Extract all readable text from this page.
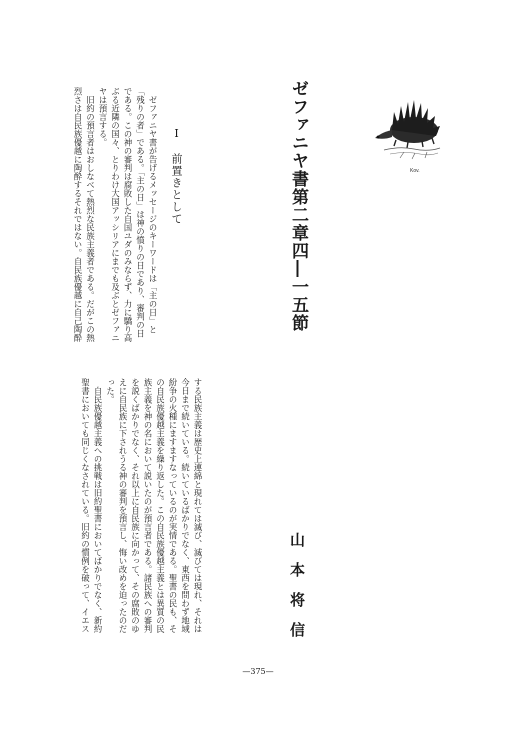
Kov.
ゼファニヤ書第二章四―一五節
山本将信
Ⅰ　前置きとして
　ゼファニヤ書が告げるメッセージのキーワードは「主の日」と
「残りの者」である。「主の日」は神の憤りの日であり、審判の日
である。この神の審判は腐敗した自国ユダのみならず、力に驕り高
ぶる近隣の国々、とりわけ大国アッシリアにまでも及ぶとゼファニ
ヤは預言する。
　旧約の預言者はおしなべて熱烈な民族主義者である。だがこの熱
烈さは自民族優越に陶酔するそれではない。自民族優越に自己陶酔
する民族主義は歴史上連綿と現れては滅び、滅びては現れ、それは
今日まで続いている。続いているばかりでなく、東西を問わず地域
紛争の火種にますますなっているのが実情である。聖書の民も、そ
の自民族優越主義を繰り返した。この自民族優越主義とは異質の民
族主義を神の名において説いたのが預言者である。諸民族への審判
を説くばかりでなく、それ以上に自民族に向かって、その腐敗のゆ
えに自民族に下されうる神の審判を預言し、悔い改めを迫ったのだ
った。
　自民族優越主義への挑戦は旧約聖書においてばかりでなく、新約
聖書においても同じくなされている。旧約の慣例を破って、イエス
—375—
